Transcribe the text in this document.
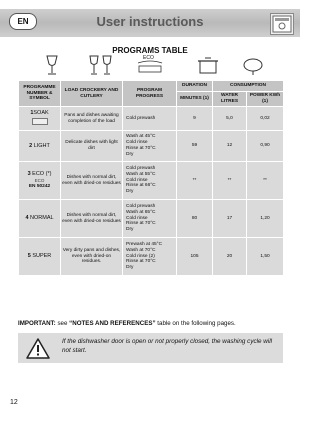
EN	User instructions
PROGRAMS TABLE
ECO
PROGRAMME NUMBER & SYMBOL	LOAD CROCKERY AND CUTLERY	PROGRAM PROGRESS	DURATION	CONSUMPTION	
			MINUTES (1)	WATER LITRES	POWER KWh (1)
1SOAK	Pans and dishes awaiting completion of the load	Cold prewash	9	5,0	0,02
2 LIGHT	Delicate dishes with light dirt	Wash at 45°C
Cold rinse
Rinse at 70°C
Dry	59	12	0,90
3 ECO (*)
ECO
EN 50242	Dishes with normal dirt, even with dried-on residues	Cold prewash
Wash at 55°C
Cold rinse
Rinse at 66°C
Dry	**	**	**
4 NORMAL	Dishes with normal dirt, even with dried-on residues	Cold prewash
Wash at 65°C
Cold rinse
Rinse at 70°C
Dry	80	17	1,20
5 SUPER	Very dirty pans and dishes, even with dried-on residues.	Prewash at 45°C
Wash at 70°C
Cold rinse (2)
Rinse at 70°C
Dry	105	20	1,50
IMPORTANT: see “NOTES AND REFERENCES” table on the following pages.
If the dishwasher door is open or not properly closed, the washing cycle will not start.
12
